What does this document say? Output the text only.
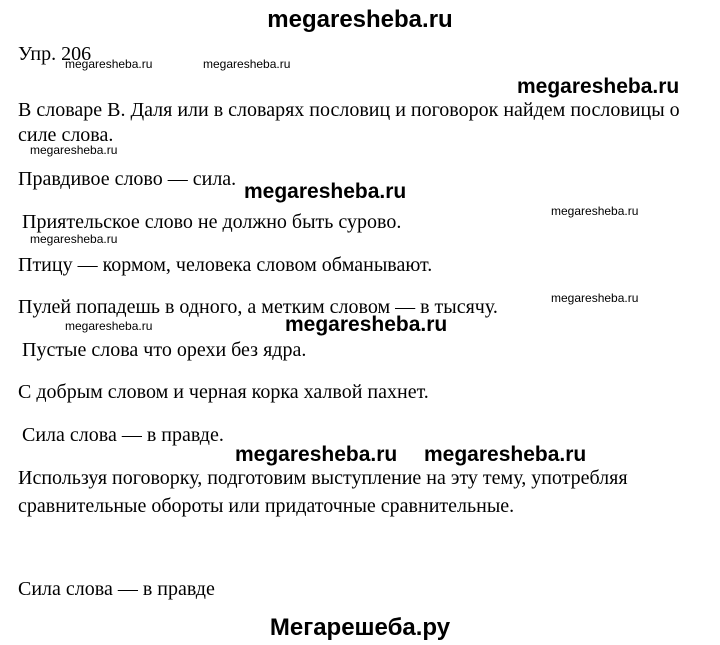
megaresheba.ru
Упр. 206
megaresheba.ru	megaresheba.ru
megaresheba.ru
В словаре В. Даля или в словарях пословиц и поговорок найдем пословицы о силе слова.
megaresheba.ru
Правдивое слово — сила.
megaresheba.ru
megaresheba.ru
Приятельское слово не должно быть сурово.
megaresheba.ru
Птицу — кормом, человека словом обманывают.
megaresheba.ru
Пулей попадешь в одного, а метким словом — в тысячу.
megaresheba.ru	megaresheba.ru
Пустые слова что орехи без ядра.
С добрым словом и черная корка халвой пахнет.
Сила слова — в правде.
megaresheba.ru megaresheba.ru
Используя поговорку, подготовим выступление на эту тему, употребляя сравнительные обороты или придаточные сравнительные.
Сила слова — в правде
Мегарешеба.ру
